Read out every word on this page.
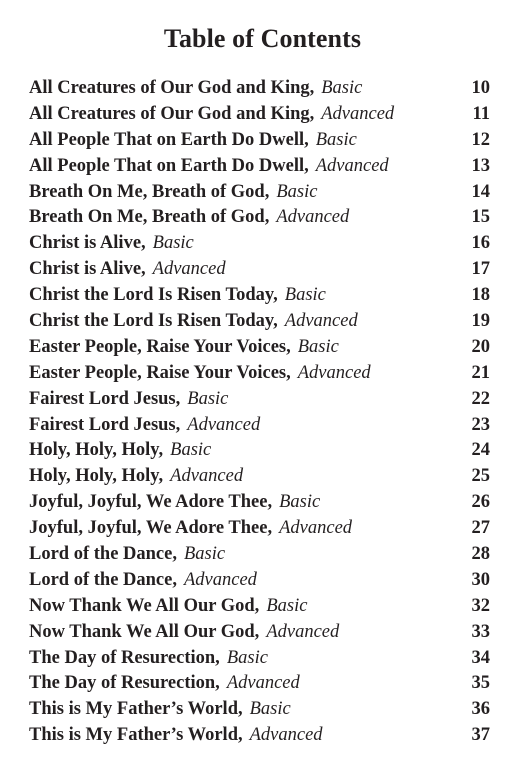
Table of Contents
All Creatures of Our God and King, Basic	10
All Creatures of Our God and King, Advanced	11
All People That on Earth Do Dwell, Basic	12
All People That on Earth Do Dwell, Advanced	13
Breath On Me, Breath of God, Basic	14
Breath On Me, Breath of God, Advanced	15
Christ is Alive, Basic	16
Christ is Alive, Advanced	17
Christ the Lord Is Risen Today, Basic	18
Christ the Lord Is Risen Today, Advanced	19
Easter People, Raise Your Voices, Basic	20
Easter People, Raise Your Voices, Advanced	21
Fairest Lord Jesus, Basic	22
Fairest Lord Jesus, Advanced	23
Holy, Holy, Holy, Basic	24
Holy, Holy, Holy, Advanced	25
Joyful, Joyful, We Adore Thee, Basic	26
Joyful, Joyful, We Adore Thee, Advanced	27
Lord of the Dance, Basic	28
Lord of the Dance, Advanced	30
Now Thank We All Our God, Basic	32
Now Thank We All Our God, Advanced	33
The Day of Resurection, Basic	34
The Day of Resurection, Advanced	35
This is My Father’s World, Basic	36
This is My Father’s World, Advanced	37
